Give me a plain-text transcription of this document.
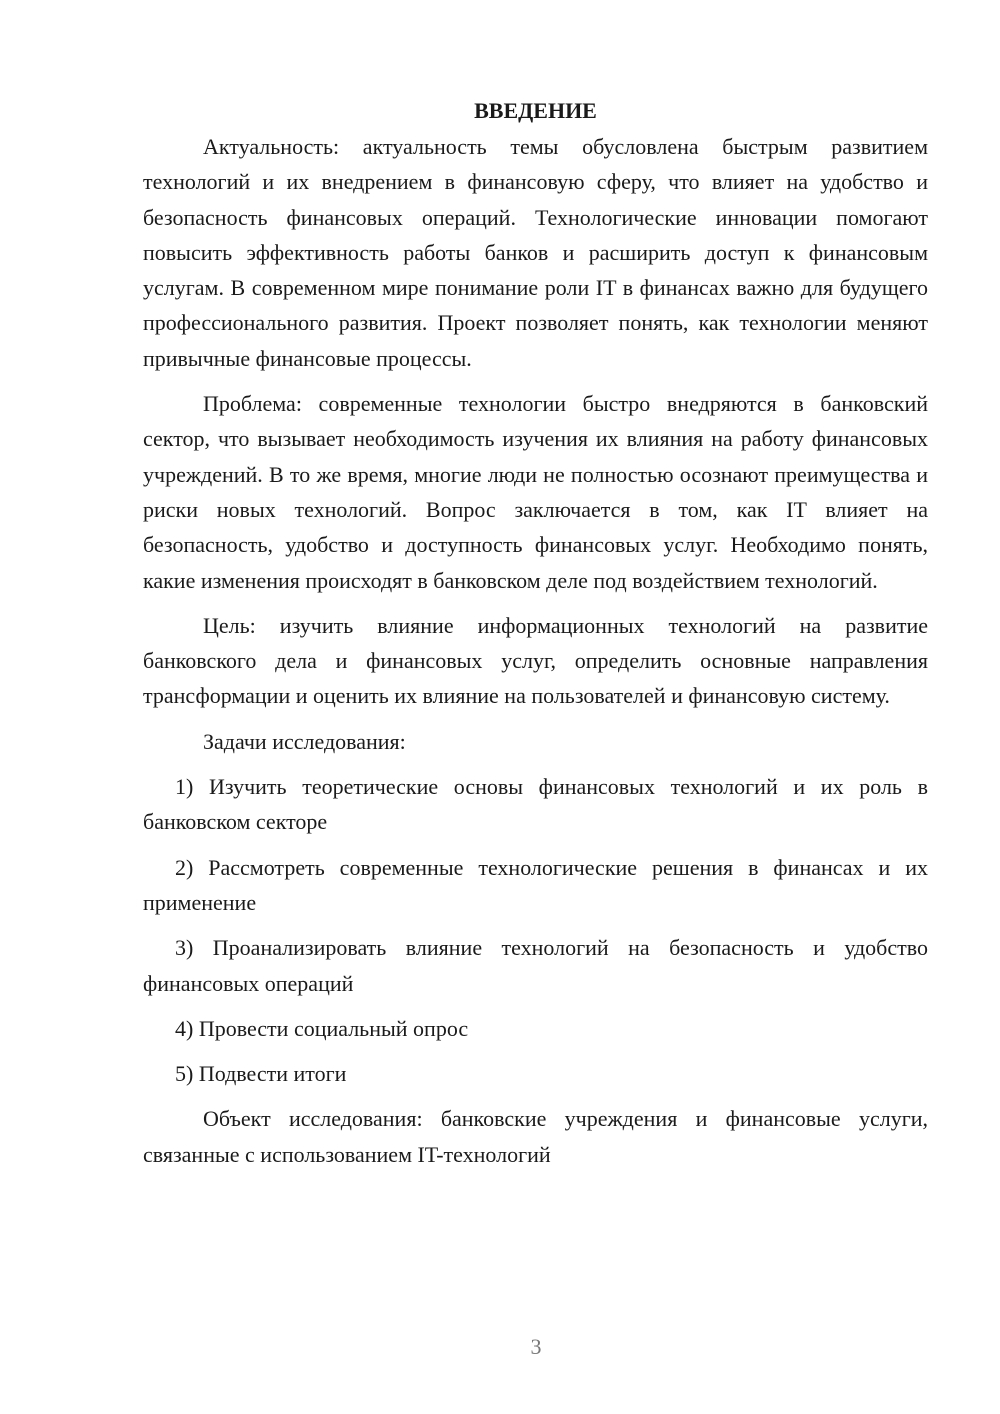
ВВЕДЕНИЕ

Актуальность: актуальность темы обусловлена быстрым развитием технологий и их внедрением в финансовую сферу, что влияет на удобство и безопасность финансовых операций. Технологические инновации помогают повысить эффективность работы банков и расширить доступ к финансовым услугам. В современном мире понимание роли IT в финансах важно для будущего профессионального развития. Проект позволяет понять, как технологии меняют привычные финансовые процессы.

Проблема: современные технологии быстро внедряются в банковский сектор, что вызывает необходимость изучения их влияния на работу финансовых учреждений. В то же время, многие люди не полностью осознают преимущества и риски новых технологий. Вопрос заключается в том, как IT влияет на безопасность, удобство и доступность финансовых услуг. Необходимо понять, какие изменения происходят в банковском деле под воздействием технологий.

Цель: изучить влияние информационных технологий на развитие банковского дела и финансовых услуг, определить основные направления трансформации и оценить их влияние на пользователей и финансовую систему.

Задачи исследования:

1) Изучить теоретические основы финансовых технологий и их роль в банковском секторе

2) Рассмотреть современные технологические решения в финансах и их применение

3) Проанализировать влияние технологий на безопасность и удобство финансовых операций

4) Провести социальный опрос

5) Подвести итоги

Объект исследования: банковские учреждения и финансовые услуги, связанные с использованием IT-технологий

3
